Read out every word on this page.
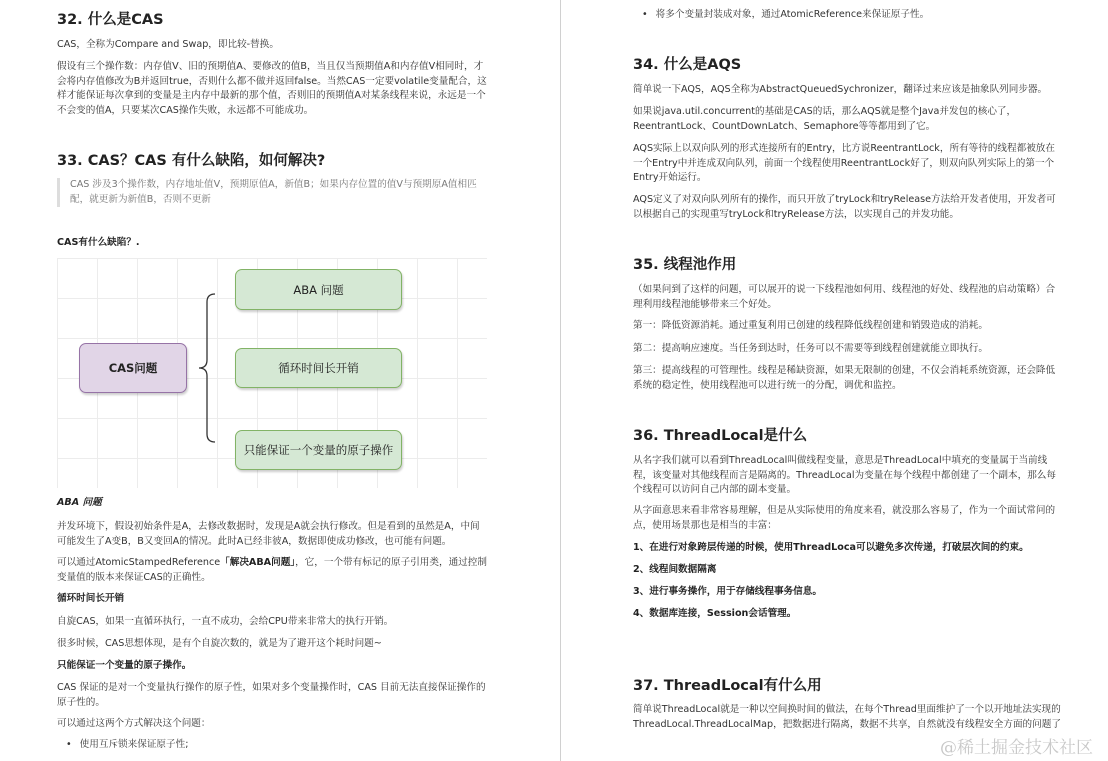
32. 什么是CAS
CAS，全称为Compare and Swap，即比较-替换。
假设有三个操作数：内存值V、旧的预期值A、要修改的值B，当且仅当预期值A和内存值V相同时，才会将内存值修改为B并返回true，否则什么都不做并返回false。当然CAS一定要volatile变量配合，这样才能保证每次拿到的变量是主内存中最新的那个值，否则旧的预期值A对某条线程来说，永远是一个不会变的值A，只要某次CAS操作失败，永远都不可能成功。
33. CAS？CAS 有什么缺陷，如何解决?
CAS 涉及3个操作数，内存地址值V，预期原值A，新值B；如果内存位置的值V与预期原A值相匹配，就更新为新值B，否则不更新
CAS有什么缺陷？.
CAS问题
ABA 问题
循环时间长开销
只能保证一个变量的原子操作
ABA 问题
并发环境下，假设初始条件是A，去修改数据时，发现是A就会执行修改。但是看到的虽然是A，中间可能发生了A变B，B又变回A的情况。此时A已经非彼A，数据即使成功修改，也可能有问题。
可以通过AtomicStampedReference「解决ABA问题」，它，一个带有标记的原子引用类，通过控制变量值的版本来保证CAS的正确性。
循环时间长开销
自旋CAS，如果一直循环执行，一直不成功，会给CPU带来非常大的执行开销。
很多时候，CAS思想体现，是有个自旋次数的，就是为了避开这个耗时问题~
只能保证一个变量的原子操作。
CAS 保证的是对一个变量执行操作的原子性，如果对多个变量操作时，CAS 目前无法直接保证操作的原子性的。
可以通过这两个方式解决这个问题：
• 使用互斥锁来保证原子性;
• 将多个变量封装成对象，通过AtomicReference来保证原子性。
34. 什么是AQS
简单说一下AQS，AQS全称为AbstractQueuedSychronizer，翻译过来应该是抽象队列同步器。
如果说java.util.concurrent的基础是CAS的话，那么AQS就是整个Java并发包的核心了，ReentrantLock、CountDownLatch、Semaphore等等都用到了它。
AQS实际上以双向队列的形式连接所有的Entry，比方说ReentrantLock，所有等待的线程都被放在一个Entry中并连成双向队列，前面一个线程使用ReentrantLock好了，则双向队列实际上的第一个Entry开始运行。
AQS定义了对双向队列所有的操作，而只开放了tryLock和tryRelease方法给开发者使用，开发者可以根据自己的实现重写tryLock和tryRelease方法，以实现自己的并发功能。
35. 线程池作用
（如果问到了这样的问题，可以展开的说一下线程池如何用、线程池的好处、线程池的启动策略）合理利用线程池能够带来三个好处。
第一：降低资源消耗。通过重复利用已创建的线程降低线程创建和销毁造成的消耗。
第二：提高响应速度。当任务到达时，任务可以不需要等到线程创建就能立即执行。
第三：提高线程的可管理性。线程是稀缺资源，如果无限制的创建，不仅会消耗系统资源，还会降低系统的稳定性，使用线程池可以进行统一的分配，调优和监控。
36. ThreadLocal是什么
从名字我们就可以看到ThreadLocal叫做线程变量，意思是ThreadLocal中填充的变量属于当前线程，该变量对其他线程而言是隔离的。ThreadLocal为变量在每个线程中都创建了一个副本，那么每个线程可以访问自己内部的副本变量。
从字面意思来看非常容易理解，但是从实际使用的角度来看，就没那么容易了，作为一个面试常问的点，使用场景那也是相当的丰富：
1、在进行对象跨层传递的时候，使用ThreadLoca可以避免多次传递，打破层次间的约束。
2、线程间数据隔离
3、进行事务操作，用于存储线程事务信息。
4、数据库连接，Session会话管理。
37. ThreadLocal有什么用
简单说ThreadLocal就是一种以空间换时间的做法，在每个Thread里面维护了一个以开地址法实现的ThreadLocal.ThreadLocalMap，把数据进行隔离，数据不共享，自然就没有线程安全方面的问题了
@稀土掘金技术社区
